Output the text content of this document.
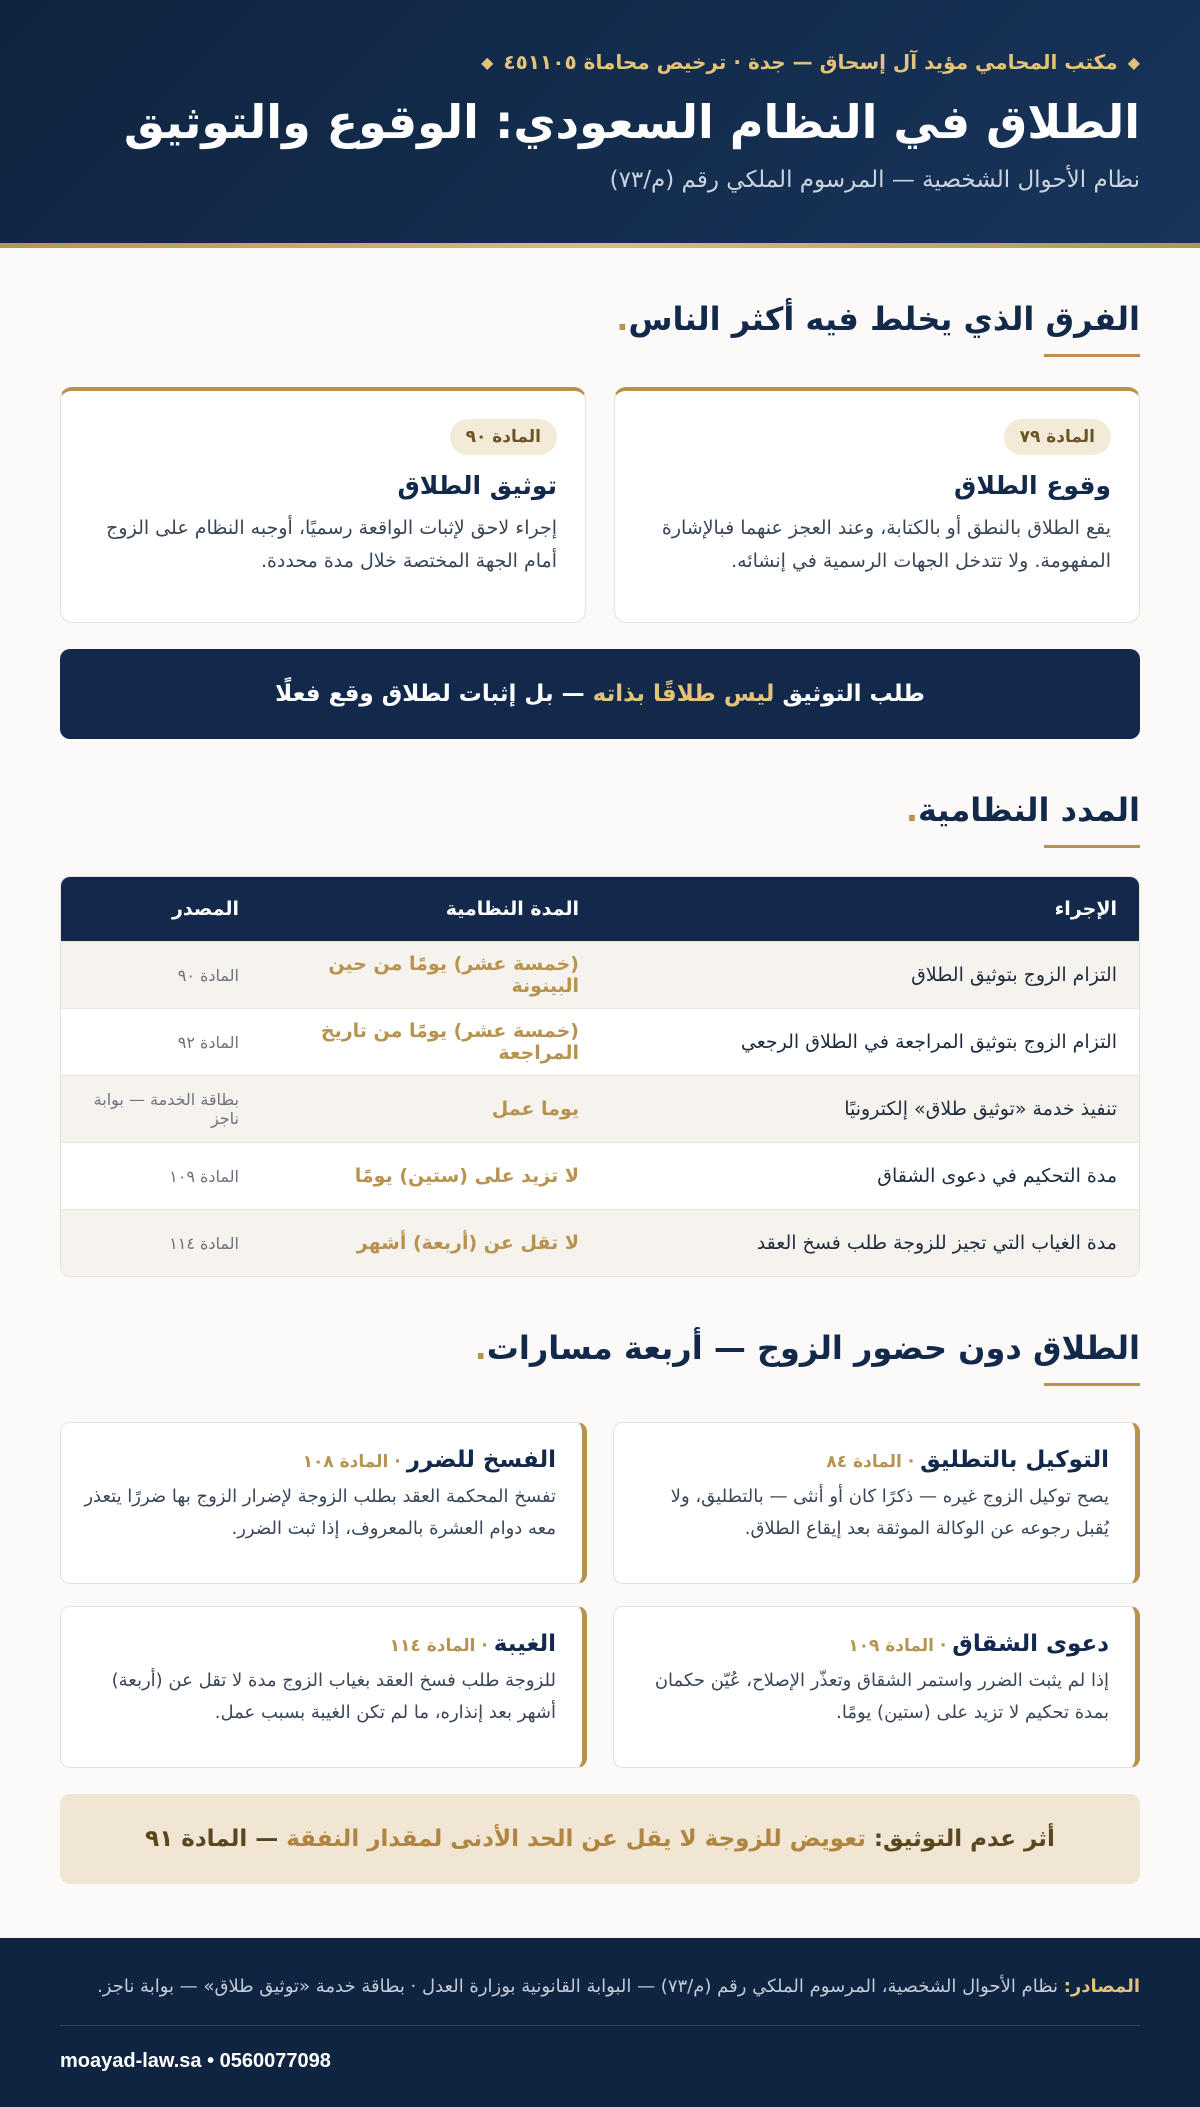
◆
مكتب المحامي مؤيد آل إسحاق — جدة · ترخيص محاماة ٤٥١١٠٥
◆
الطلاق في النظام السعودي: الوقوع والتوثيق
نظام الأحوال الشخصية — المرسوم الملكي رقم (م/٧٣)
الفرق الذي يخلط فيه أكثر الناس.
المادة ٧٩
وقوع الطلاق

يقع الطلاق بالنطق أو بالكتابة، وعند العجز عنهما فبالإشارة المفهومة. ولا تتدخل الجهات الرسمية في إنشائه.

المادة ٩٠
توثيق الطلاق

إجراء لاحق لإثبات الواقعة رسميًا، أوجبه النظام على الزوج أمام الجهة المختصة خلال مدة محددة.

طلب التوثيق ليس طلاقًا بذاته — بل إثبات لطلاق وقع فعلًا
المدد النظامية.
الإجراء
المدة النظامية
المصدر
التزام الزوج بتوثيق الطلاق
(خمسة عشر) يومًا من حين البينونة
المادة ٩٠
التزام الزوج بتوثيق المراجعة في الطلاق الرجعي
(خمسة عشر) يومًا من تاريخ المراجعة
المادة ٩٢
تنفيذ خدمة «توثيق طلاق» إلكترونيًا
يوما عمل
بطاقة الخدمة — بوابة ناجز
مدة التحكيم في دعوى الشقاق
لا تزيد على (ستين) يومًا
المادة ١٠٩
مدة الغياب التي تجيز للزوجة طلب فسخ العقد
لا تقل عن (أربعة) أشهر
المادة ١١٤
الطلاق دون حضور الزوج — أربعة مسارات.
التوكيل بالتطليق · المادة ٨٤

يصح توكيل الزوج غيره — ذكرًا كان أو أنثى — بالتطليق، ولا يُقبل رجوعه عن الوكالة الموثقة بعد إيقاع الطلاق.

الفسخ للضرر · المادة ١٠٨

تفسخ المحكمة العقد بطلب الزوجة لإضرار الزوج بها ضررًا يتعذر معه دوام العشرة بالمعروف، إذا ثبت الضرر.

دعوى الشقاق · المادة ١٠٩

إذا لم يثبت الضرر واستمر الشقاق وتعذّر الإصلاح، عُيّن حكمان بمدة تحكيم لا تزيد على (ستين) يومًا.

الغيبة · المادة ١١٤

للزوجة طلب فسخ العقد بغياب الزوج مدة لا تقل عن (أربعة) أشهر بعد إنذاره، ما لم تكن الغيبة بسبب عمل.

أثر عدم التوثيق: تعويض للزوجة لا يقل عن الحد الأدنى لمقدار النفقة — المادة ٩١
المصادر: نظام الأحوال الشخصية، المرسوم الملكي رقم (م/٧٣) — البوابة القانونية بوزارة العدل · بطاقة خدمة «توثيق طلاق» — بوابة ناجز.
moayad-law.sa • 0560077098
